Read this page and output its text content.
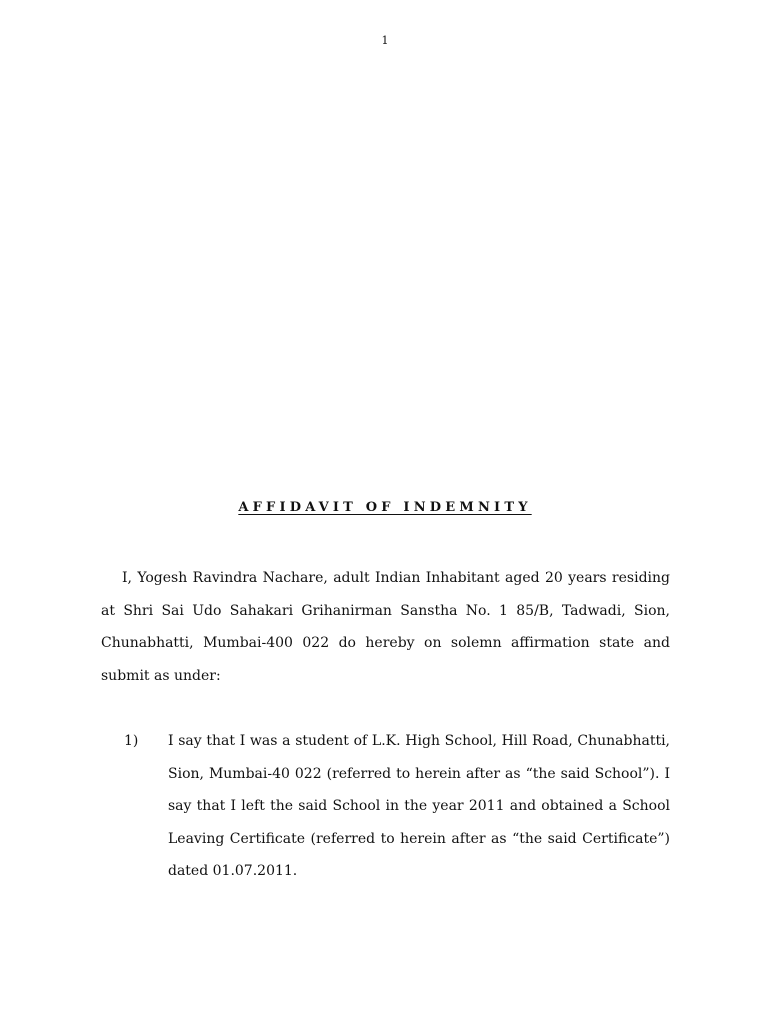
1
AFFIDAVIT OF INDEMNITY

I, Yogesh Ravindra Nachare, adult Indian Inhabitant aged 20 years residing at Shri Sai Udo Sahakari Grihanirman Sanstha No. 1 85/B, Tadwadi, Sion, Chunabhatti, Mumbai-400 022 do hereby on solemn affirmation state and submit as under:

1) I say that I was a student of L.K. High School, Hill Road, Chunabhatti, Sion, Mumbai-40 022 (referred to herein after as “the said School”). I say that I left the said School in the year 2011 and obtained a School Leaving Certificate (referred to herein after as “the said Certificate”) dated 01.07.2011.
